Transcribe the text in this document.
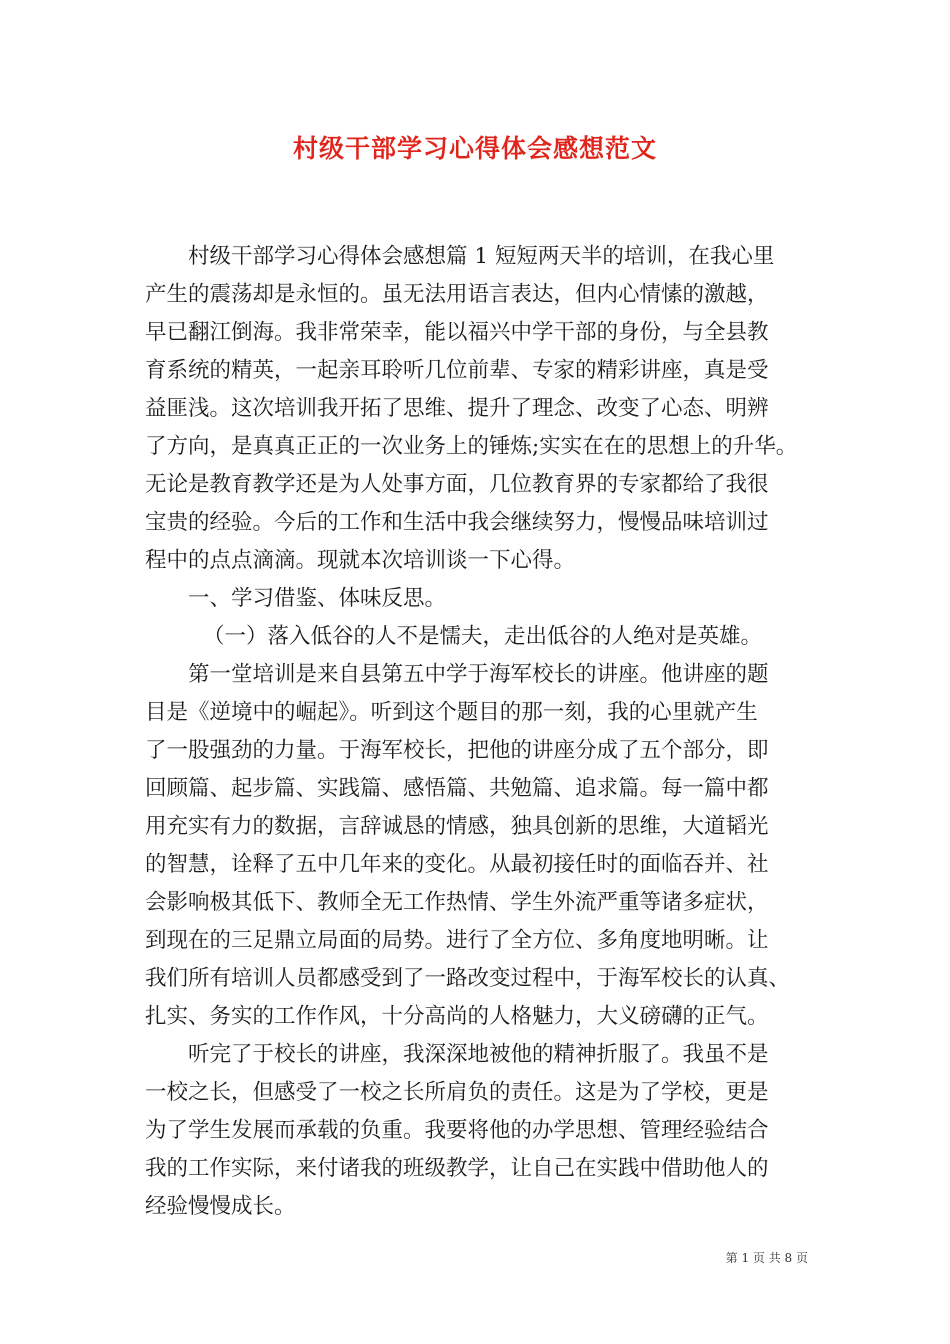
村级干部学习心得体会感想范文
村级干部学习心得体会感想篇 1 短短两天半的培训，在我心里
产生的震荡却是永恒的。虽无法用语言表达，但内心情愫的激越，
早已翻江倒海。我非常荣幸，能以福兴中学干部的身份，与全县教
育系统的精英，一起亲耳聆听几位前辈、专家的精彩讲座，真是受
益匪浅。这次培训我开拓了思维、提升了理念、改变了心态、明辨
了方向，是真真正正的一次业务上的锤炼;实实在在的思想上的升华。
无论是教育教学还是为人处事方面，几位教育界的专家都给了我很
宝贵的经验。今后的工作和生活中我会继续努力，慢慢品味培训过
程中的点点滴滴。现就本次培训谈一下心得。
一、学习借鉴、体味反思。
（一）落入低谷的人不是懦夫，走出低谷的人绝对是英雄。
第一堂培训是来自县第五中学于海军校长的讲座。他讲座的题
目是《逆境中的崛起》。听到这个题目的那一刻，我的心里就产生
了一股强劲的力量。于海军校长，把他的讲座分成了五个部分，即
回顾篇、起步篇、实践篇、感悟篇、共勉篇、追求篇。每一篇中都
用充实有力的数据，言辞诚恳的情感，独具创新的思维，大道韬光
的智慧，诠释了五中几年来的变化。从最初接任时的面临吞并、社
会影响极其低下、教师全无工作热情、学生外流严重等诸多症状，
到现在的三足鼎立局面的局势。进行了全方位、多角度地明晰。让
我们所有培训人员都感受到了一路改变过程中，于海军校长的认真、
扎实、务实的工作作风，十分高尚的人格魅力，大义磅礴的正气。
听完了于校长的讲座，我深深地被他的精神折服了。我虽不是
一校之长，但感受了一校之长所肩负的责任。这是为了学校，更是
为了学生发展而承载的负重。我要将他的办学思想、管理经验结合
我的工作实际，来付诸我的班级教学，让自己在实践中借助他人的
经验慢慢成长。
第 1 页 共 8 页
